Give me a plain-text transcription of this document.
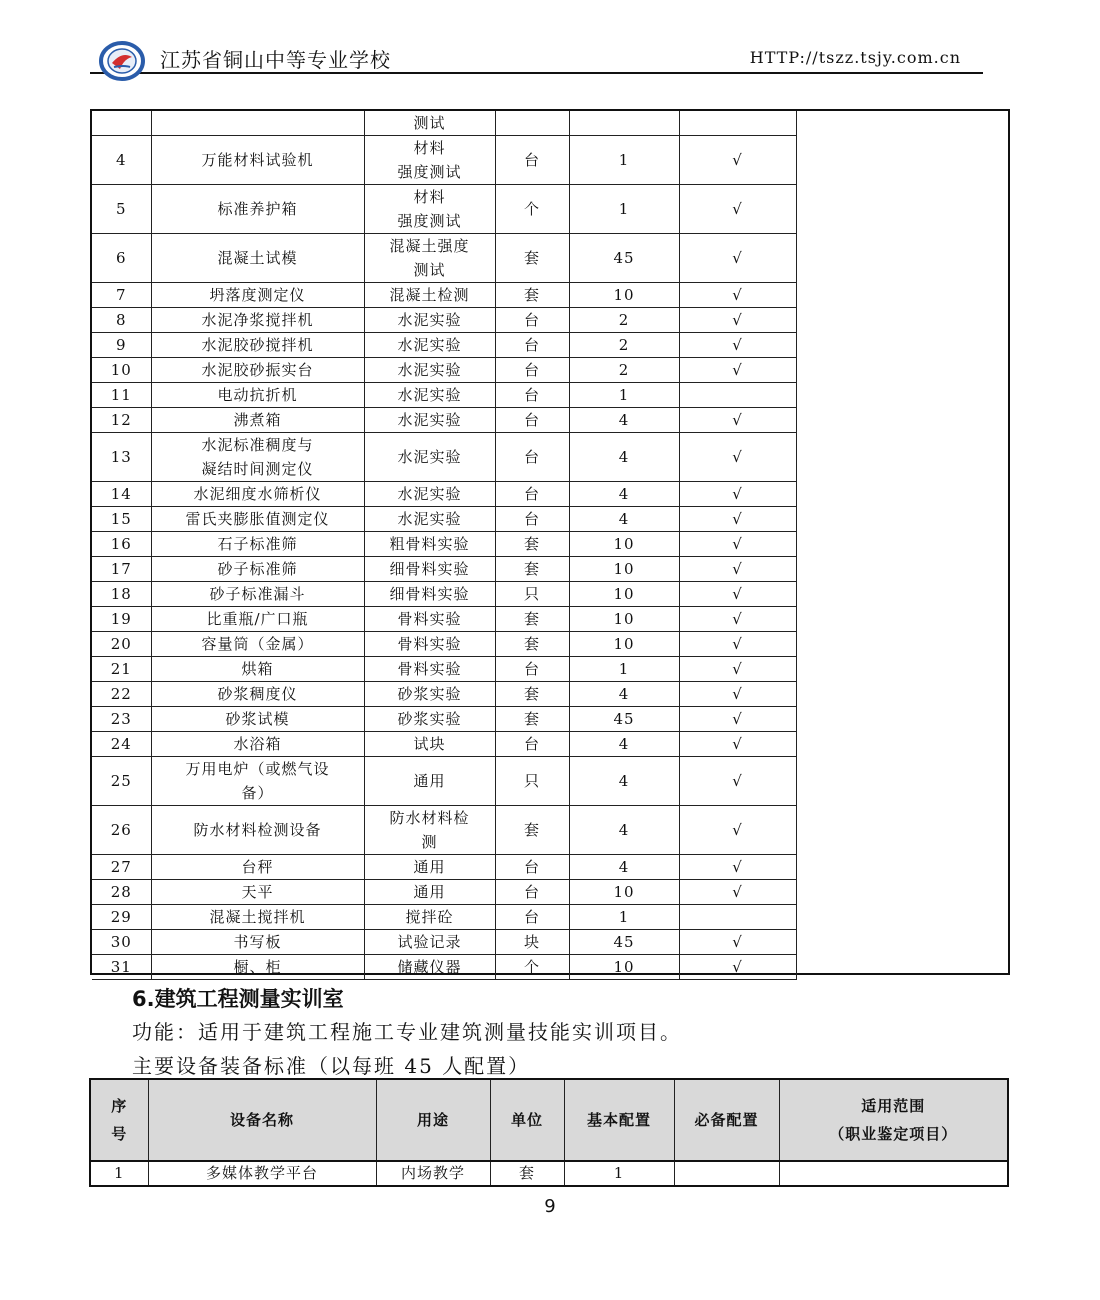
江苏省铜山中等专业学校	HTTP://tszz.tsjy.com.cn
		测试			
4	万能材料试验机	材料
强度测试	台	1	√
5	标准养护箱	材料
强度测试	个	1	√
6	混凝土试模	混凝土强度
测试	套	45	√
7	坍落度测定仪	混凝土检测	套	10	√
8	水泥净浆搅拌机	水泥实验	台	2	√
9	水泥胶砂搅拌机	水泥实验	台	2	√
10	水泥胶砂振实台	水泥实验	台	2	√
11	电动抗折机	水泥实验	台	1	
12	沸煮箱	水泥实验	台	4	√
13	水泥标准稠度与
凝结时间测定仪	水泥实验	台	4	√
14	水泥细度水筛析仪	水泥实验	台	4	√
15	雷氏夹膨胀值测定仪	水泥实验	台	4	√
16	石子标准筛	粗骨料实验	套	10	√
17	砂子标准筛	细骨料实验	套	10	√
18	砂子标准漏斗	细骨料实验	只	10	√
19	比重瓶/广口瓶	骨料实验	套	10	√
20	容量筒（金属）	骨料实验	套	10	√
21	烘箱	骨料实验	台	1	√
22	砂浆稠度仪	砂浆实验	套	4	√
23	砂浆试模	砂浆实验	套	45	√
24	水浴箱	试块	台	4	√
25	万用电炉（或燃气设
备）	通用	只	4	√
26	防水材料检测设备	防水材料检
测	套	4	√
27	台秤	通用	台	4	√
28	天平	通用	台	10	√
29	混凝土搅拌机	搅拌砼	台	1	
30	书写板	试验记录	块	45	√
31	橱、柜	储藏仪器	个	10	√
6.建筑工程测量实训室
功能：适用于建筑工程施工专业建筑测量技能实训项目。
主要设备装备标准（以每班 45 人配置）
序
号	设备名称	用途	单位	基本配置	必备配置	适用范围
（职业鉴定项目）
1	多媒体教学平台	内场教学	套	1		
9
